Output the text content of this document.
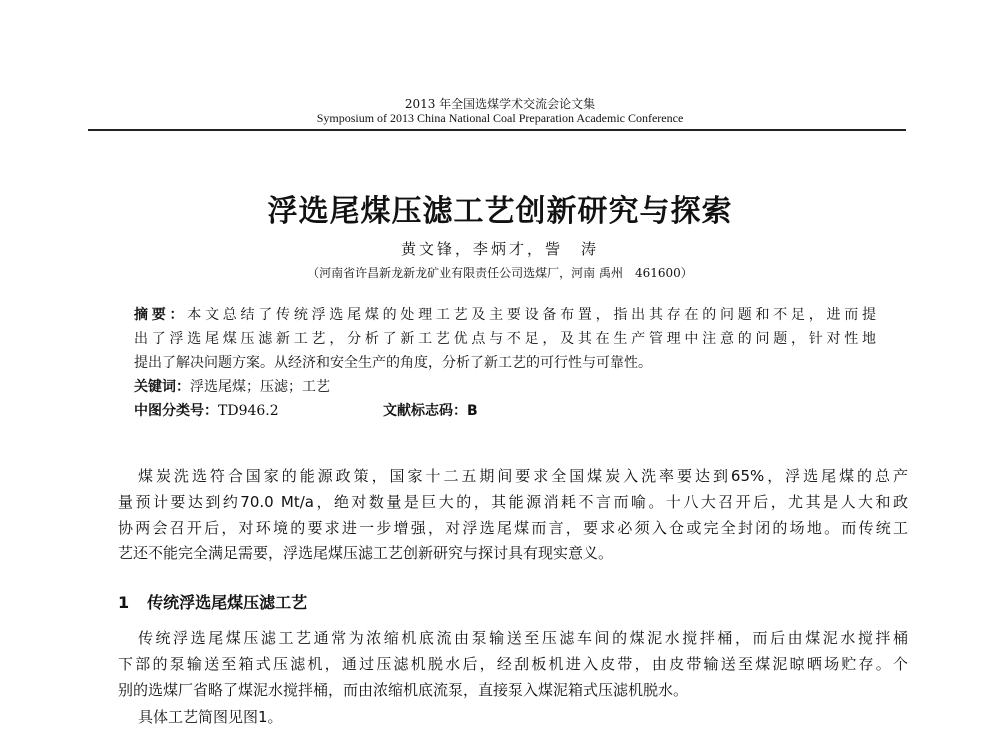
2013 年全国选煤学术交流会论文集
Symposium of 2013 China National Coal Preparation Academic Conference
浮选尾煤压滤工艺创新研究与探索
黄文锋，李炳才，訾　涛
（河南省许昌新龙新龙矿业有限责任公司选煤厂，河南 禹州　461600）
摘要：本文总结了传统浮选尾煤的处理工艺及主要设备布置，指出其存在的问题和不足，进而提
出了浮选尾煤压滤新工艺，分析了新工艺优点与不足，及其在生产管理中注意的问题，针对性地
提出了解决问题方案。从经济和安全生产的角度，分析了新工艺的可行性与可靠性。
关键词：浮选尾煤；压滤；工艺
中图分类号：TD946.2	文献标志码：B
煤炭洗选符合国家的能源政策，国家十二五期间要求全国煤炭入洗率要达到65%，浮选尾煤的总产
量预计要达到约70.0 Mt/a，绝对数量是巨大的，其能源消耗不言而喻。十八大召开后，尤其是人大和政
协两会召开后，对环境的要求进一步增强，对浮选尾煤而言，要求必须入仓或完全封闭的场地。而传统工
艺还不能完全满足需要，浮选尾煤压滤工艺创新研究与探讨具有现实意义。
1 传统浮选尾煤压滤工艺
传统浮选尾煤压滤工艺通常为浓缩机底流由泵输送至压滤车间的煤泥水搅拌桶，而后由煤泥水搅拌桶
下部的泵输送至箱式压滤机，通过压滤机脱水后，经刮板机进入皮带，由皮带输送至煤泥晾晒场贮存。个
别的选煤厂省略了煤泥水搅拌桶，而由浓缩机底流泵，直接泵入煤泥箱式压滤机脱水。
具体工艺简图见图1。
